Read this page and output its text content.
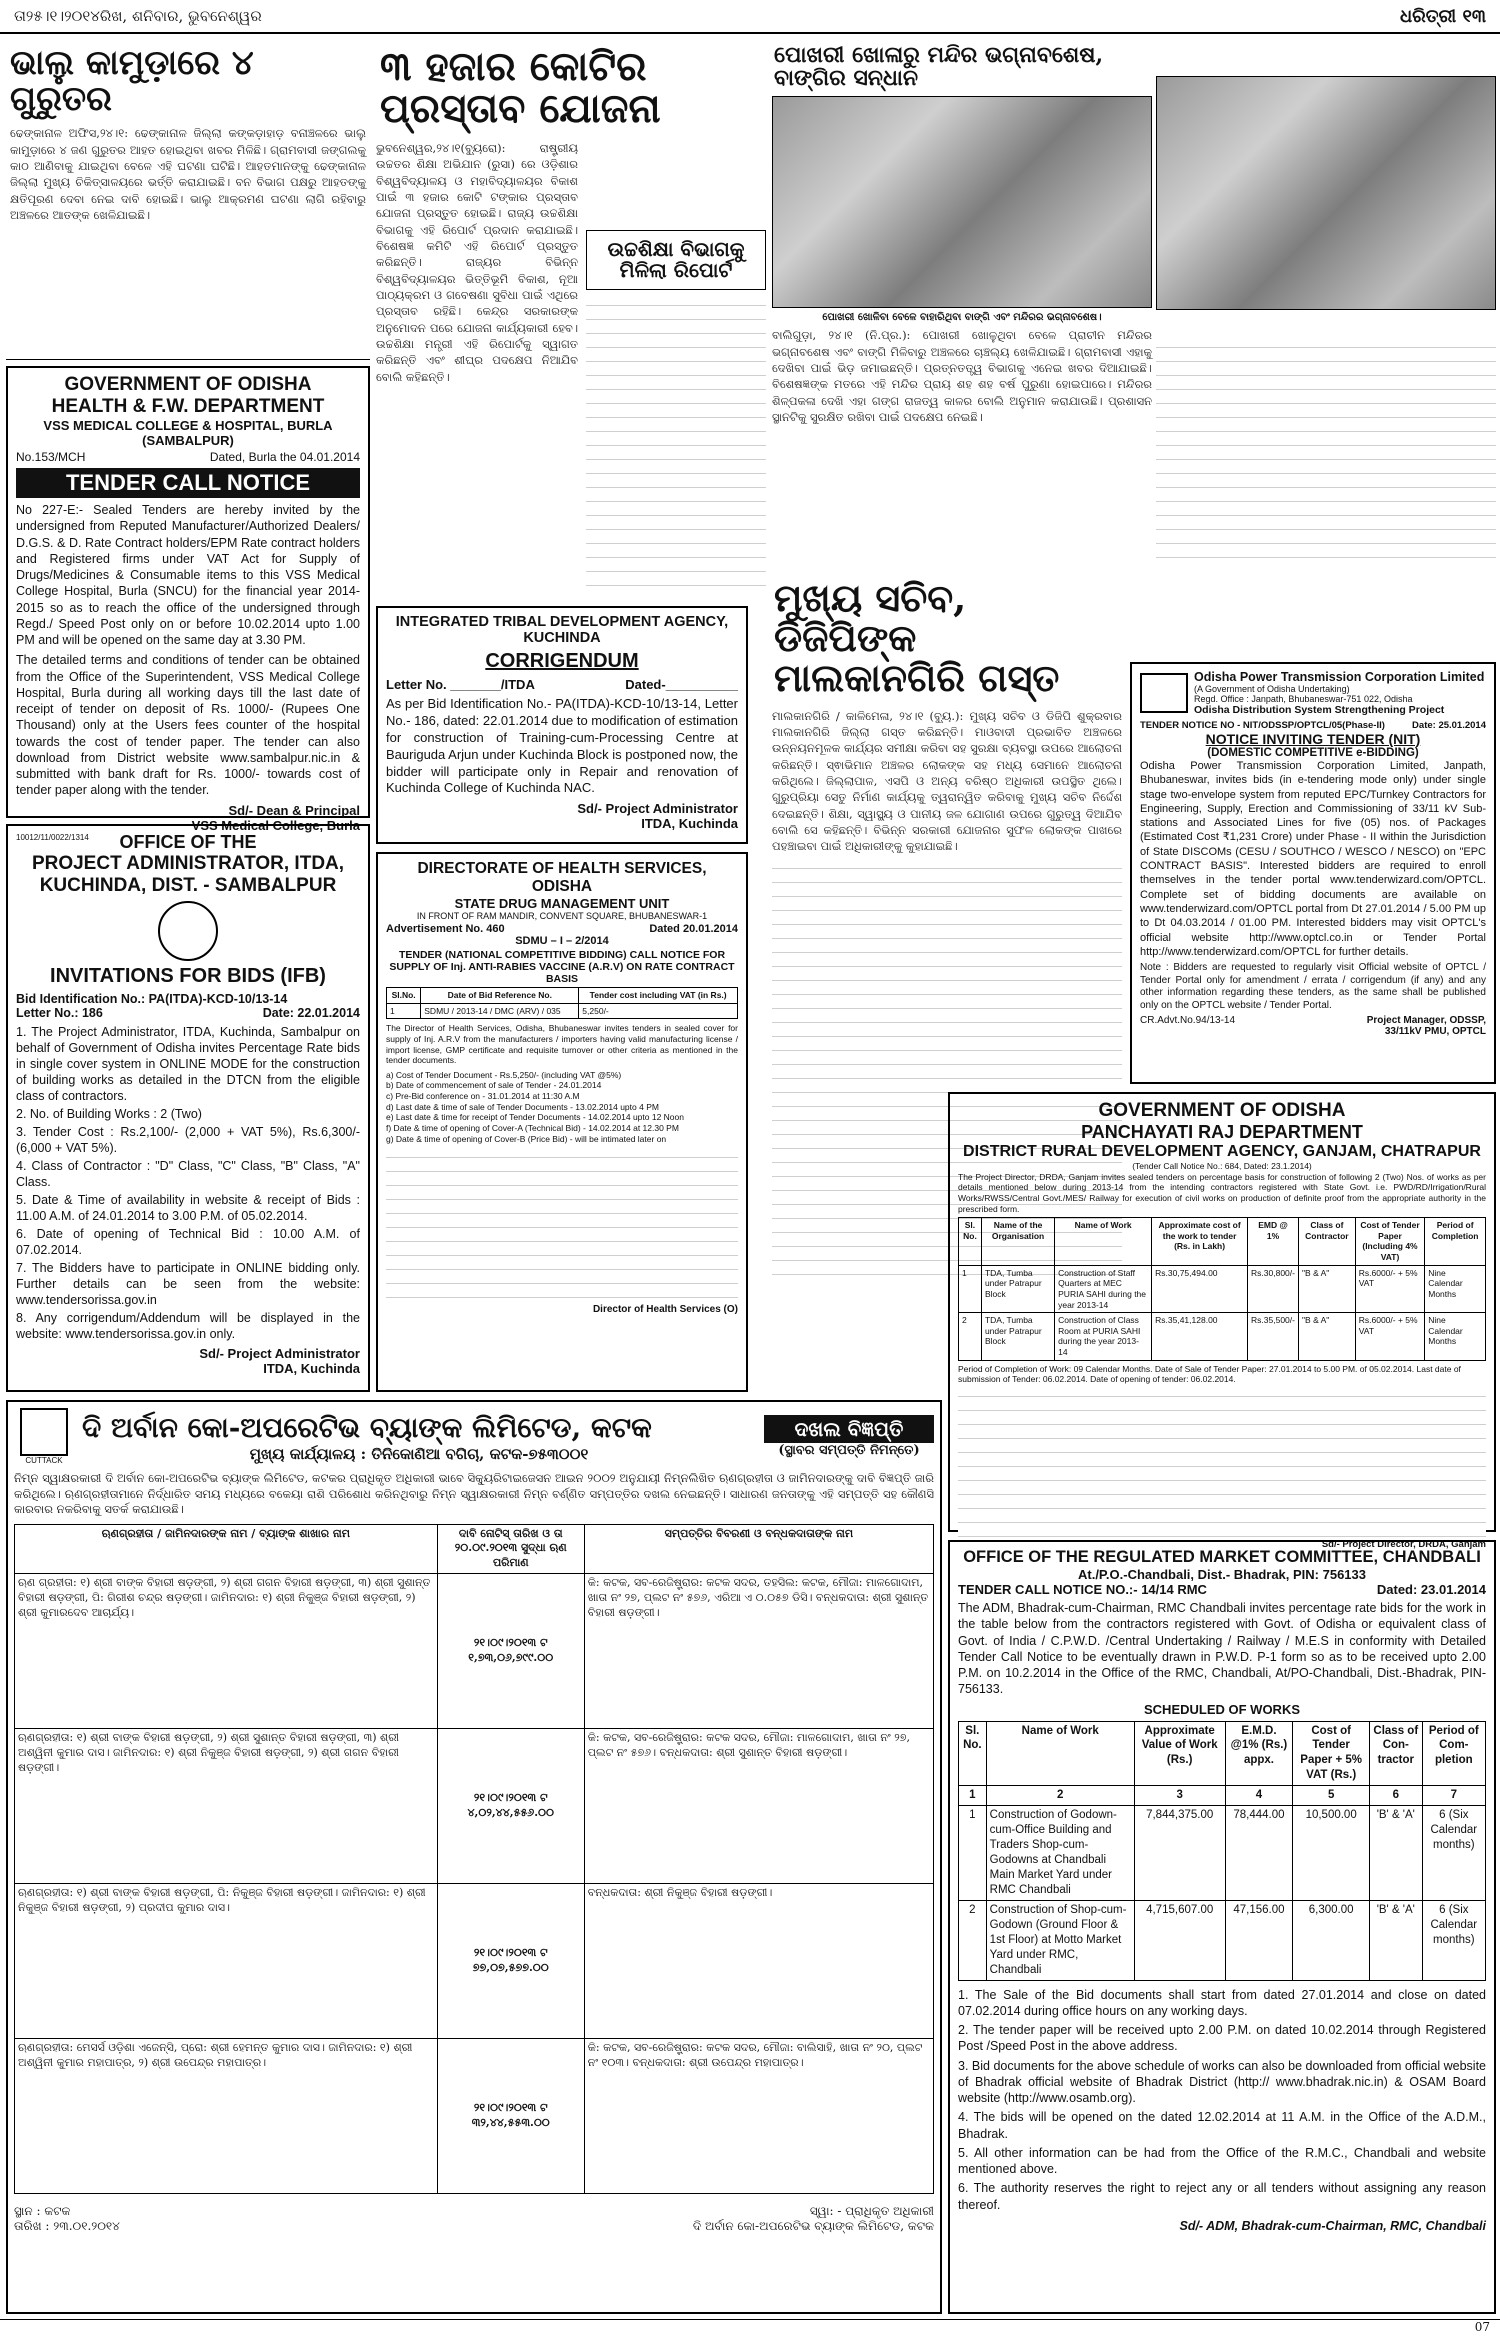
ତା୨୫।୧।୨୦୧୪ରିଖ, ଶନିବାର, ଭୁବନେଶ୍ୱର	ଧରିତ୍ରୀ ୧୩
ଭାଲୁ କାମୁଡ଼ାରେ ୪ ଗୁରୁତର
ଢେଙ୍କାନାଳ ଅଫିସ,୨୪।୧: ଢେଙ୍କାନାଳ ଜିଲ୍ଲା କଙ୍କଡ଼ାହାଡ଼ ବନାଞ୍ଚଳରେ ଭାଲୁ କାମୁଡ଼ାରେ ୪ ଜଣ ଗୁରୁତର ଆହତ ହୋଇଥିବା ଖବର ମିଳିଛି। ଗ୍ରାମବାସୀ ଜଙ୍ଗଲକୁ କାଠ ଆଣିବାକୁ ଯାଇଥିବା ବେଳେ ଏହି ଘଟଣା ଘଟିଛି। ଆହତମାନଙ୍କୁ ଢେଙ୍କାନାଳ ଜିଲ୍ଲା ମୁଖ୍ୟ ଚିକିତ୍ସାଳୟରେ ଭର୍ତ୍ତି କରାଯାଇଛି। ବନ ବିଭାଗ ପକ୍ଷରୁ ଆହତଙ୍କୁ କ୍ଷତିପୂରଣ ଦେବା ନେଇ ଦାବି ହୋଇଛି। ଭାଲୁ ଆକ୍ରମଣ ଘଟଣା ଲାଗି ରହିବାରୁ ଅଞ୍ଚଳରେ ଆତଙ୍କ ଖେଳିଯାଇଛି।
GOVERNMENT OF ODISHA
HEALTH & F.W. DEPARTMENT
VSS MEDICAL COLLEGE & HOSPITAL, BURLA (SAMBALPUR)
No.153/MCH	Dated, Burla the 04.01.2014
TENDER CALL NOTICE
No 227-E:- Sealed Tenders are hereby invited by the undersigned from Reputed Manufacturer/Authorized Dealers/ D.G.S. & D. Rate Contract holders/EPM Rate contract holders and Registered firms under VAT Act for Supply of Drugs/Medicines & Consumable items to this VSS Medical College Hospital, Burla (SNCU) for the financial year 2014-2015 so as to reach the office of the undersigned through Regd./ Speed Post only on or before 10.02.2014 upto 1.00 PM and will be opened on the same day at 3.30 PM.
The detailed terms and conditions of tender can be obtained from the Office of the Superintendent, VSS Medical College Hospital, Burla during all working days till the last date of receipt of tender on deposit of Rs. 1000/- (Rupees One Thousand) only at the Users fees counter of the hospital towards the cost of tender paper. The tender can also download from District website www.sambalpur.nic.in & submitted with bank draft for Rs. 1000/- towards cost of tender paper along with the tender.
Sd/- Dean & Principal
VSS Medical College, Burla
10012/11/0022/1314	OFFICE OF THE
PROJECT ADMINISTRATOR, ITDA,
KUCHINDA, DIST. - SAMBALPUR
INVITATIONS FOR BIDS (IFB)
Bid Identification No.: PA(ITDA)-KCD-10/13-14
Letter No.: 186	Date: 22.01.2014
1. The Project Administrator, ITDA, Kuchinda, Sambalpur on behalf of Government of Odisha invites Percentage Rate bids in single cover system in ONLINE MODE for the construction of building works as detailed in the DTCN from the eligible class of contractors.
2. No. of Building Works : 2 (Two)
3. Tender Cost : Rs.2,100/- (2,000 + VAT 5%), Rs.6,300/- (6,000 + VAT 5%).
4. Class of Contractor : "D" Class, "C" Class, "B" Class, "A" Class.
5. Date & Time of availability in website & receipt of Bids : 11.00 A.M. of 24.01.2014 to 3.00 P.M. of 05.02.2014.
6. Date of opening of Technical Bid : 10.00 A.M. of 07.02.2014.
7. The Bidders have to participate in ONLINE bidding only. Further details can be seen from the website: www.tendersorissa.gov.in
8. Any corrigendum/Addendum will be displayed in the website: www.tendersorissa.gov.in only.
Sd/- Project Administrator
ITDA, Kuchinda
୩ ହଜାର କୋଟିର ପ୍ରସ୍ତାବ ଯୋଜନା
ଭୁବନେଶ୍ୱର,୨୪।୧(ବ୍ୟୁରୋ): ରାଷ୍ଟ୍ରୀୟ ଉଚ୍ଚତର ଶିକ୍ଷା ଅଭିଯାନ (ରୁସା) ରେ ଓଡ଼ିଶାର ବିଶ୍ୱବିଦ୍ୟାଳୟ ଓ ମହାବିଦ୍ୟାଳୟର ବିକାଶ ପାଇଁ ୩ ହଜାର କୋଟି ଟଙ୍କାର ପ୍ରସ୍ତାବ ଯୋଜନା ପ୍ରସ୍ତୁତ ହୋଇଛି। ରାଜ୍ୟ ଉଚ୍ଚଶିକ୍ଷା ବିଭାଗକୁ ଏହି ରିପୋର୍ଟ ପ୍ରଦାନ କରାଯାଇଛି। ବିଶେଷଜ୍ଞ କମିଟି ଏହି ରିପୋର୍ଟ ପ୍ରସ୍ତୁତ କରିଛନ୍ତି। ରାଜ୍ୟର ବିଭିନ୍ନ ବିଶ୍ୱବିଦ୍ୟାଳୟର ଭିତ୍ତିଭୂମି ବିକାଶ, ନୂଆ ପାଠ୍ୟକ୍ରମ ଓ ଗବେଷଣା ସୁବିଧା ପାଇଁ ଏଥିରେ ପ୍ରସ୍ତାବ ରହିଛି। କେନ୍ଦ୍ର ସରକାରଙ୍କ ଅନୁମୋଦନ ପରେ ଯୋଜନା କାର୍ଯ୍ୟକାରୀ ହେବ। ଉଚ୍ଚଶିକ୍ଷା ମନ୍ତ୍ରୀ ଏହି ରିପୋର୍ଟକୁ ସ୍ୱାଗତ କରିଛନ୍ତି ଏବଂ ଶୀଘ୍ର ପଦକ୍ଷେପ ନିଆଯିବ ବୋଲି କହିଛନ୍ତି।
ଉଚ୍ଚଶିକ୍ଷା ବିଭାଗକୁ ମିଳିଲା ରିପୋର୍ଟ
INTEGRATED TRIBAL DEVELOPMENT AGENCY, KUCHINDA
CORRIGENDUM
Letter No. _______/ITDA	Dated-__________
As per Bid Identification No.- PA(ITDA)-KCD-10/13-14, Letter No.- 186, dated: 22.01.2014 due to modification of estimation for construction of Training-cum-Processing Centre at Bauriguda Arjun under Kuchinda Block is postponed now, the bidder will participate only in Repair and renovation of Kuchinda College of Kuchinda NAC.
Sd/- Project Administrator
ITDA, Kuchinda
DIRECTORATE OF HEALTH SERVICES, ODISHA
STATE DRUG MANAGEMENT UNIT
IN FRONT OF RAM MANDIR, CONVENT SQUARE, BHUBANESWAR-1
Advertisement No. 460	Dated 20.01.2014
SDMU – I – 2/2014
TENDER (NATIONAL COMPETITIVE BIDDING) CALL NOTICE FOR SUPPLY OF Inj. ANTI-RABIES VACCINE (A.R.V) ON RATE CONTRACT BASIS
Sl.No.	Date of Bid Reference No.	Tender cost including VAT (in Rs.)
1	SDMU / 2013-14 / DMC (ARV) / 035	5,250/-
The Director of Health Services, Odisha, Bhubaneswar invites tenders in sealed cover for supply of Inj. A.R.V from the manufacturers / importers having valid manufacturing license / import license, GMP certificate and requisite turnover or other criteria as mentioned in the tender documents.
a) Cost of Tender Document - Rs.5,250/- (including VAT @5%)
b) Date of commencement of sale of Tender - 24.01.2014
c) Pre-Bid conference on - 31.01.2014 at 11:30 A.M
d) Last date & time of sale of Tender Documents - 13.02.2014 upto 4 PM
e) Last date & time for receipt of Tender Documents - 14.02.2014 upto 12 Noon
f) Date & time of opening of Cover-A (Technical Bid) - 14.02.2014 at 12.30 PM
g) Date & time of opening of Cover-B (Price Bid) - will be intimated later on
Director of Health Services (O)
ପୋଖରୀ ଖୋଳାରୁ ମନ୍ଦିର ଭଗ୍ନାବଶେଷ, ବାଙ୍ଗିର ସନ୍ଧାନ
ପୋଖରୀ ଖୋଳିବା ବେଳେ ବାହାରିଥିବା ବାଙ୍ଗି ଏବଂ ମନ୍ଦିରର ଭଗ୍ନାବଶେଷ।
ବାଲିଗୁଡ଼ା, ୨୪।୧ (ନି.ପ୍ର.): ପୋଖରୀ ଖୋଳୁଥିବା ବେଳେ ପ୍ରାଚୀନ ମନ୍ଦିରର ଭଗ୍ନାବଶେଷ ଏବଂ ବାଙ୍ଗି ମିଳିବାରୁ ଅଞ୍ଚଳରେ ଚାଞ୍ଚଲ୍ୟ ଖେଳିଯାଇଛି। ଗ୍ରାମବାସୀ ଏହାକୁ ଦେଖିବା ପାଇଁ ଭିଡ଼ ଜମାଇଛନ୍ତି। ପ୍ରତ୍ନତତ୍ତ୍ୱ ବିଭାଗକୁ ଏନେଇ ଖବର ଦିଆଯାଇଛି। ବିଶେଷଜ୍ଞଙ୍କ ମତରେ ଏହି ମନ୍ଦିର ପ୍ରାୟ ଶହ ଶହ ବର୍ଷ ପୁରୁଣା ହୋଇପାରେ। ମନ୍ଦିରର ଶିଳ୍ପକଳା ଦେଖି ଏହା ଗଙ୍ଗ ରାଜତ୍ୱ କାଳର ବୋଲି ଅନୁମାନ କରାଯାଉଛି। ପ୍ରଶାସନ ସ୍ଥାନଟିକୁ ସୁରକ୍ଷିତ ରଖିବା ପାଇଁ ପଦକ୍ଷେପ ନେଇଛି।
ମୁଖ୍ୟ ସଚିବ, ଡିଜିପିଙ୍କ ମାଲକାନଗିରି ଗସ୍ତ
ମାଲକାନଗିରି / କାଳିମେଳା, ୨୪।୧ (ବ୍ୟୁ.): ମୁଖ୍ୟ ସଚିବ ଓ ଡିଜିପି ଶୁକ୍ରବାର ମାଲକାନଗିରି ଜିଲ୍ଲା ଗସ୍ତ କରିଛନ୍ତି। ମାଓବାଦୀ ପ୍ରଭାବିତ ଅଞ୍ଚଳରେ ଉନ୍ନୟନମୂଳକ କାର୍ଯ୍ୟର ସମୀକ୍ଷା କରିବା ସହ ସୁରକ୍ଷା ବ୍ୟବସ୍ଥା ଉପରେ ଆଲୋଚନା କରିଛନ୍ତି। ସ୍ଵାଭିମାନ ଅଞ୍ଚଳର ଲୋକଙ୍କ ସହ ମଧ୍ୟ ସେମାନେ ଆଲୋଚନା କରିଥିଲେ। ଜିଲ୍ଲାପାଳ, ଏସପି ଓ ଅନ୍ୟ ବରିଷ୍ଠ ଅଧିକାରୀ ଉପସ୍ଥିତ ଥିଲେ। ଗୁରୁପ୍ରିୟା ସେତୁ ନିର୍ମାଣ କାର୍ଯ୍ୟକୁ ତ୍ୱରାନ୍ୱିତ କରିବାକୁ ମୁଖ୍ୟ ସଚିବ ନିର୍ଦ୍ଦେଶ ଦେଇଛନ୍ତି। ଶିକ୍ଷା, ସ୍ୱାସ୍ଥ୍ୟ ଓ ପାନୀୟ ଜଳ ଯୋଗାଣ ଉପରେ ଗୁରୁତ୍ୱ ଦିଆଯିବ ବୋଲି ସେ କହିଛନ୍ତି। ବିଭିନ୍ନ ସରକାରୀ ଯୋଜନାର ସୁଫଳ ଲୋକଙ୍କ ପାଖରେ ପହଞ୍ଚାଇବା ପାଇଁ ଅଧିକାରୀଙ୍କୁ କୁହାଯାଇଛି।
Odisha Power Transmission Corporation Limited
(A Government of Odisha Undertaking)
Regd. Office : Janpath, Bhubaneswar-751 022, Odisha
Odisha Distribution System Strengthening Project
TENDER NOTICE NO - NIT/ODSSP/OPTCL/05(Phase-II)	Date: 25.01.2014
NOTICE INVITING TENDER (NIT)
(DOMESTIC COMPETITIVE e-BIDDING)
Odisha Power Transmission Corporation Limited, Janpath, Bhubaneswar, invites bids (in e-tendering mode only) under single stage two-envelope system from reputed EPC/Turnkey Contractors for Engineering, Supply, Erection and Commissioning of 33/11 kV Sub-stations and Associated Lines for five (05) nos. of Packages (Estimated Cost ₹1,231 Crore) under Phase - II within the Jurisdiction of State DISCOMs (CESU / SOUTHCO / WESCO / NESCO) on "EPC CONTRACT BASIS". Interested bidders are required to enroll themselves in the tender portal www.tenderwizard.com/OPTCL. Complete set of bidding documents are available on www.tenderwizard.com/OPTCL portal from Dt 27.01.2014 / 5.00 PM up to Dt 04.03.2014 / 01.00 PM. Interested bidders may visit OPTCL's official website http://www.optcl.co.in or Tender Portal http://www.tenderwizard.com/OPTCL for further details.
Note : Bidders are requested to regularly visit Official website of OPTCL / Tender Portal only for amendment / errata / corrigendum (if any) and any other information regarding these tenders, as the same shall be published only on the OPTCL website / Tender Portal.
CR.Advt.No.94/13-14	Project Manager, ODSSP,
33/11kV PMU, OPTCL
GOVERNMENT OF ODISHA
PANCHAYATI RAJ DEPARTMENT
DISTRICT RURAL DEVELOPMENT AGENCY, GANJAM, CHATRAPUR
(Tender Call Notice No.: 684, Dated: 23.1.2014)
The Project Director, DRDA, Ganjam invites sealed tenders on percentage basis for construction of following 2 (Two) Nos. of works as per details mentioned below during 2013-14 from the intending contractors registered with State Govt. i.e. PWD/RD/Irrigation/Rural Works/RWSS/Central Govt./MES/ Railway for execution of civil works on production of definite proof from the appropriate authority in the prescribed form.
Sl. No.	Name of the Organisation	Name of Work	Approximate cost of the work to tender (Rs. in Lakh)	EMD @ 1%	Class of Contractor	Cost of Tender Paper (Including 4% VAT)	Period of Completion
1	TDA, Tumba under Patrapur Block	Construction of Staff Quarters at MEC PURIA SAHI during the year 2013-14	Rs.30,75,494.00	Rs.30,800/-	"B & A"	Rs.6000/- + 5% VAT	Nine Calendar Months
2	TDA, Tumba under Patrapur Block	Construction of Class Room at PURIA SAHI during the year 2013-14	Rs.35,41,128.00	Rs.35,500/-	"B & A"	Rs.6000/- + 5% VAT	Nine Calendar Months
Period of Completion of Work: 09 Calendar Months. Date of Sale of Tender Paper: 27.01.2014 to 5.00 PM. of 05.02.2014. Last date of submission of Tender: 06.02.2014. Date of opening of tender: 06.02.2014.
Sd/- Project Director, DRDA, Ganjam
CUTTACK
ଦି ଅର୍ବାନ କୋ-ଅପରେଟିଭ ବ୍ୟାଙ୍କ ଲିମିଟେଡ, କଟକ
ମୁଖ୍ୟ କାର୍ଯ୍ୟାଳୟ : ତିନିକୋଣିଆ ବଗିଚା, କଟକ-୭୫୩୦୦୧
ଦଖଲ ବିଜ୍ଞପ୍ତି
(ସ୍ଥାବର ସମ୍ପତ୍ତି ନିମନ୍ତେ)
ନିମ୍ନ ସ୍ୱାକ୍ଷରକାରୀ ଦି ଅର୍ବାନ କୋ-ଅପରେଟିଭ ବ୍ୟାଙ୍କ ଲିମିଟେଡ, କଟକର ପ୍ରାଧିକୃତ ଅଧିକାରୀ ଭାବେ ସିକ୍ୟୁରିଟାଇଜେସନ ଆଇନ ୨୦୦୨ ଅନୁଯାୟୀ ନିମ୍ନଲିଖିତ ଋଣଗ୍ରହୀତା ଓ ଜାମିନଦାରଙ୍କୁ ଦାବି ବିଜ୍ଞପ୍ତି ଜାରି କରିଥିଲେ। ଋଣଗ୍ରହୀତାମାନେ ନିର୍ଦ୍ଧାରିତ ସମୟ ମଧ୍ୟରେ ବକେୟା ରାଶି ପରିଶୋଧ କରିନଥିବାରୁ ନିମ୍ନ ସ୍ୱାକ୍ଷରକାରୀ ନିମ୍ନ ବର୍ଣ୍ଣିତ ସମ୍ପତ୍ତିର ଦଖଲ ନେଇଛନ୍ତି। ସାଧାରଣ ଜନତାଙ୍କୁ ଏହି ସମ୍ପତ୍ତି ସହ କୌଣସି କାରବାର ନକରିବାକୁ ସତର୍କ କରାଯାଉଛି।
ଋଣଗ୍ରହୀତା / ଜାମିନଦାରଙ୍କ ନାମ / ବ୍ୟାଙ୍କ ଶାଖାର ନାମ	ଦାବି ନୋଟିସ୍ ତାରିଖ ଓ ତା ୨୦.୦୯.୨୦୧୩ ସୁଦ୍ଧା ଋଣ ପରିମାଣ	ସମ୍ପତ୍ତିର ବିବରଣୀ ଓ ବନ୍ଧକଦାତାଙ୍କ ନାମ
ଋଣ ଗ୍ରହୀତା: ୧) ଶ୍ରୀ ବାଙ୍କ ବିହାରୀ ଷଡ଼ଙ୍ଗୀ, ୨) ଶ୍ରୀ ଗଗନ ବିହାରୀ ଷଡ଼ଙ୍ଗୀ, ୩) ଶ୍ରୀ ସୁଶାନ୍ତ ବିହାରୀ ଷଡ଼ଙ୍ଗୀ, ପି: ଗିରୀଶ ଚନ୍ଦ୍ର ଷଡ଼ଙ୍ଗୀ। ଜାମିନଦାର: ୧) ଶ୍ରୀ ନିକୁଞ୍ଜ ବିହାରୀ ଷଡ଼ଙ୍ଗୀ, ୨) ଶ୍ରୀ କୁମାରଦେବ ଆଚାର୍ଯ୍ୟ।	୨୧।୦୯।୨୦୧୩ ଟ ୧,୭୩,୦୬,୭୯୯.୦୦	କି: କଟକ, ସବ-ରେଜିଷ୍ଟ୍ରାର: କଟକ ସଦର, ତହସିଲ: କଟକ, ମୌଜା: ମାଳଗୋଦାମ, ଖାତା ନଂ ୨୭, ପ୍ଲଟ ନଂ ୫୭୬, ଏରିଆ ଏ ୦.୦୫୭ ଡିସି। ବନ୍ଧକଦାତା: ଶ୍ରୀ ସୁଶାନ୍ତ ବିହାରୀ ଷଡ଼ଙ୍ଗୀ।
ଋଣଗ୍ରହୀତା: ୧) ଶ୍ରୀ ବାଙ୍କ ବିହାରୀ ଷଡ଼ଙ୍ଗୀ, ୨) ଶ୍ରୀ ସୁଶାନ୍ତ ବିହାରୀ ଷଡ଼ଙ୍ଗୀ, ୩) ଶ୍ରୀ ଅଶ୍ୱିନୀ କୁମାର ଦାସ। ଜାମିନଦାର: ୧) ଶ୍ରୀ ନିକୁଞ୍ଜ ବିହାରୀ ଷଡ଼ଙ୍ଗୀ, ୨) ଶ୍ରୀ ଗଗନ ବିହାରୀ ଷଡ଼ଙ୍ଗୀ।	୨୧।୦୯।୨୦୧୩ ଟ ୪,୦୨,୪୪,୫୫୬.୦୦	କି: କଟକ, ସବ-ରେଜିଷ୍ଟ୍ରାର: କଟକ ସଦର, ମୌଜା: ମାଳଗୋଦାମ, ଖାତା ନଂ ୨୭, ପ୍ଲଟ ନଂ ୫୭୬। ବନ୍ଧକଦାତା: ଶ୍ରୀ ସୁଶାନ୍ତ ବିହାରୀ ଷଡ଼ଙ୍ଗୀ।
ଋଣଗ୍ରହୀତା: ୧) ଶ୍ରୀ ବାଙ୍କ ବିହାରୀ ଷଡ଼ଙ୍ଗୀ, ପି: ନିକୁଞ୍ଜ ବିହାରୀ ଷଡ଼ଙ୍ଗୀ। ଜାମିନଦାର: ୧) ଶ୍ରୀ ନିକୁଞ୍ଜ ବିହାରୀ ଷଡ଼ଙ୍ଗୀ, ୨) ପ୍ରଦୀପ କୁମାର ଦାସ।	୨୧।୦୯।୨୦୧୩ ଟ ୭୭,୦୭,୫୭୭.୦୦	ବନ୍ଧକଦାତା: ଶ୍ରୀ ନିକୁଞ୍ଜ ବିହାରୀ ଷଡ଼ଙ୍ଗୀ।
ଋଣଗ୍ରହୀତା: ମେସର୍ସ ଓଡ଼ିଶା ଏଜେନ୍ସି, ପ୍ରୋ: ଶ୍ରୀ ହେମନ୍ତ କୁମାର ଦାସ। ଜାମିନଦାର: ୧) ଶ୍ରୀ ଅଶ୍ୱିନୀ କୁମାର ମହାପାତ୍ର, ୨) ଶ୍ରୀ ଉପେନ୍ଦ୍ର ମହାପାତ୍ର।	୨୧।୦୯।୨୦୧୩ ଟ ୩୨,୪୪,୫୫୩.୦୦	କି: କଟକ, ସବ-ରେଜିଷ୍ଟ୍ରାର: କଟକ ସଦର, ମୌଜା: ବାଲିସାହି, ଖାତା ନଂ ୨୦, ପ୍ଲଟ ନଂ ୧୦୩। ବନ୍ଧକଦାତା: ଶ୍ରୀ ଉପେନ୍ଦ୍ର ମହାପାତ୍ର।
ସ୍ଥାନ : କଟକ
ତାରିଖ : ୨୩.୦୧.୨୦୧୪
ସ୍ୱା: - ପ୍ରାଧିକୃତ ଅଧିକାରୀ
ଦି ଅର୍ବାନ କୋ-ଅପରେଟିଭ ବ୍ୟାଙ୍କ ଲିମିଟେଡ, କଟକ
OFFICE OF THE REGULATED MARKET COMMITTEE, CHANDBALI
At./P.O.-Chandbali, Dist.- Bhadrak, PIN: 756133
TENDER CALL NOTICE NO.:- 14/14 RMC	Dated: 23.01.2014
The ADM, Bhadrak-cum-Chairman, RMC Chandbali invites percentage rate bids for the work in the table below from the contractors registered with Govt. of Odisha or equivalent class of Govt. of India / C.P.W.D. /Central Undertaking / Railway / M.E.S in conformity with Detailed Tender Call Notice to be eventually drawn in P.W.D. P-1 form so as to be received upto 2.00 P.M. on 10.2.2014 in the Office of the RMC, Chandbali, At/PO-Chandbali, Dist.-Bhadrak, PIN-756133.
SCHEDULED OF WORKS
Sl. No.	Name of Work	Approximate Value of Work (Rs.)	E.M.D. @1% (Rs.) appx.	Cost of Tender Paper + 5% VAT (Rs.)	Class of Con-tractor	Period of Com-pletion
1	2	3	4	5	6	7
1	Construction of Godown-cum-Office Building and Traders Shop-cum-Godowns at Chandbali Main Market Yard under RMC Chandbali	7,844,375.00	78,444.00	10,500.00	'B' & 'A'	6 (Six Calendar months)
2	Construction of Shop-cum-Godown (Ground Floor & 1st Floor) at Motto Market Yard under RMC, Chandbali	4,715,607.00	47,156.00	6,300.00	'B' & 'A'	6 (Six Calendar months)
1. The Sale of the Bid documents shall start from dated 27.01.2014 and close on dated 07.02.2014 during office hours on any working days.
2. The tender paper will be received upto 2.00 P.M. on dated 10.02.2014 through Registered Post /Speed Post in the above address.
3. Bid documents for the above schedule of works can also be downloaded from official website of Bhadrak official website of Bhadrak District (http:// www.bhadrak.nic.in) & OSAM Board website (http://www.osamb.org).
4. The bids will be opened on the dated 12.02.2014 at 11 A.M. in the Office of the A.D.M., Bhadrak.
5. All other information can be had from the Office of the R.M.C., Chandbali and website mentioned above.
6. The authority reserves the right to reject any or all tenders without assigning any reason thereof.
Sd/- ADM, Bhadrak-cum-Chairman, RMC, Chandbali
07
